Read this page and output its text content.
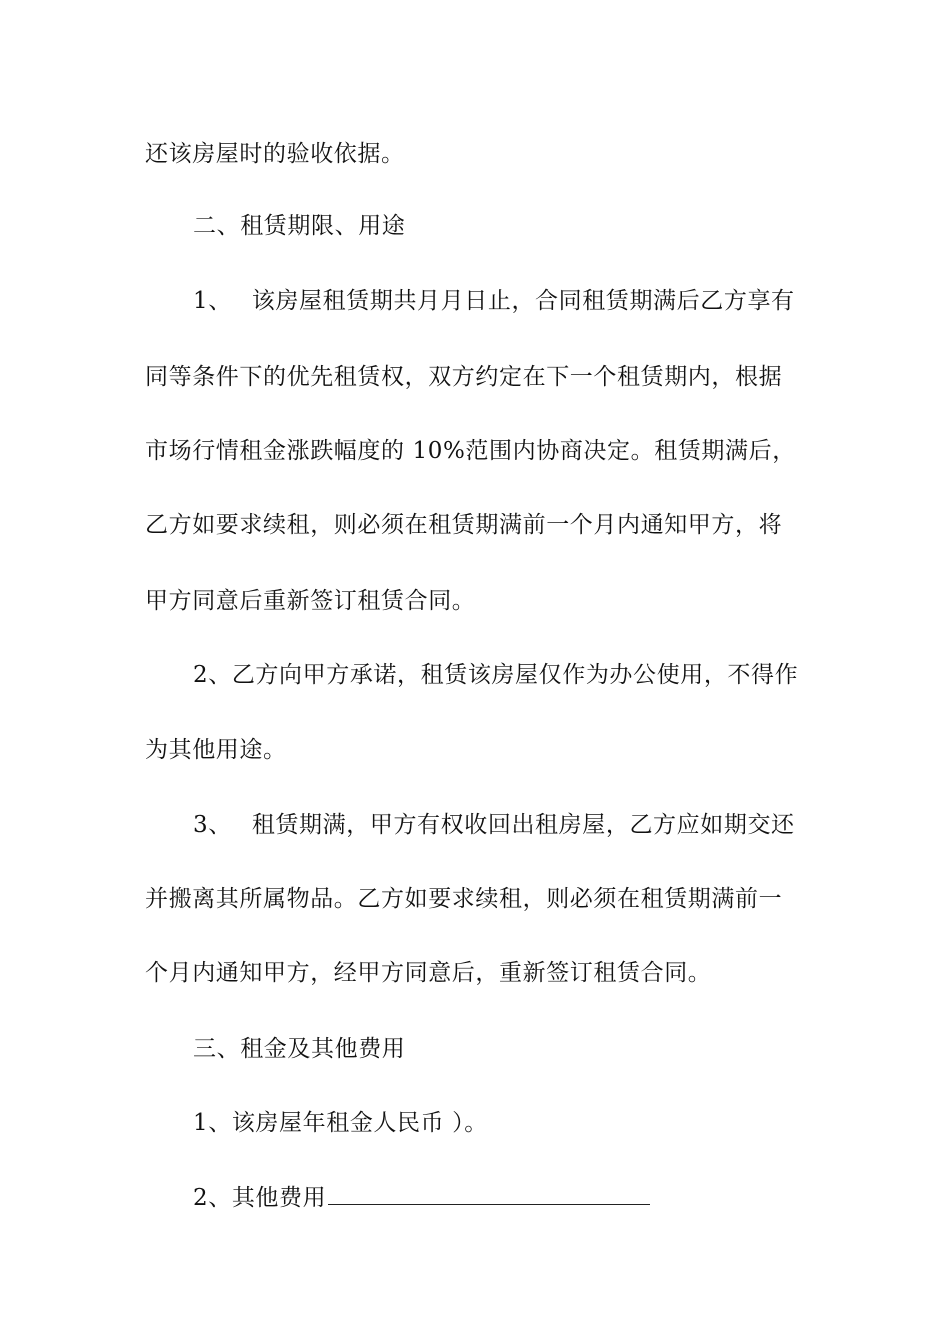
还该房屋时的验收依据。
二、租赁期限、用途
1、 该房屋租赁期共月月日止，合同租赁期满后乙方享有
同等条件下的优先租赁权，双方约定在下一个租赁期内，根据
市场行情租金涨跌幅度的 10%范围内协商决定。租赁期满后，
乙方如要求续租，则必须在租赁期满前一个月内通知甲方，将
甲方同意后重新签订租赁合同。
2、乙方向甲方承诺，租赁该房屋仅作为办公使用，不得作
为其他用途。
3、 租赁期满，甲方有权收回出租房屋，乙方应如期交还
并搬离其所属物品。乙方如要求续租，则必须在租赁期满前一
个月内通知甲方，经甲方同意后，重新签订租赁合同。
三、租金及其他费用
1、该房屋年租金人民币 ）。
2、其他费用
